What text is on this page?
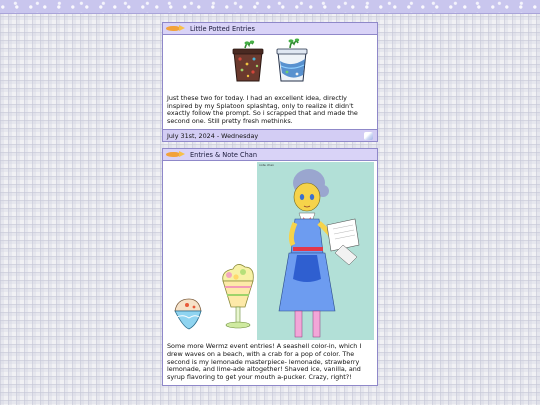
Little Potted Entries
Just these two for today. I had an excellent idea, directly inspired by my Splatoon splashtag, only to realize it didn't exactly follow the prompt. So i scrapped that and made the second one. Still pretty fresh methinks.
July 31st, 2024 - Wednesday
Entries & Note Chan
note chan
Some more Wermz event entries! A seashell color-in, which I drew waves on a beach, with a crab for a pop of color. The second is my lemonade masterpiece- lemonade, strawberry lemonade, and lime-ade altogether! Shaved ice, vanilla, and syrup flavoring to get your mouth a-pucker. Crazy, right?!
